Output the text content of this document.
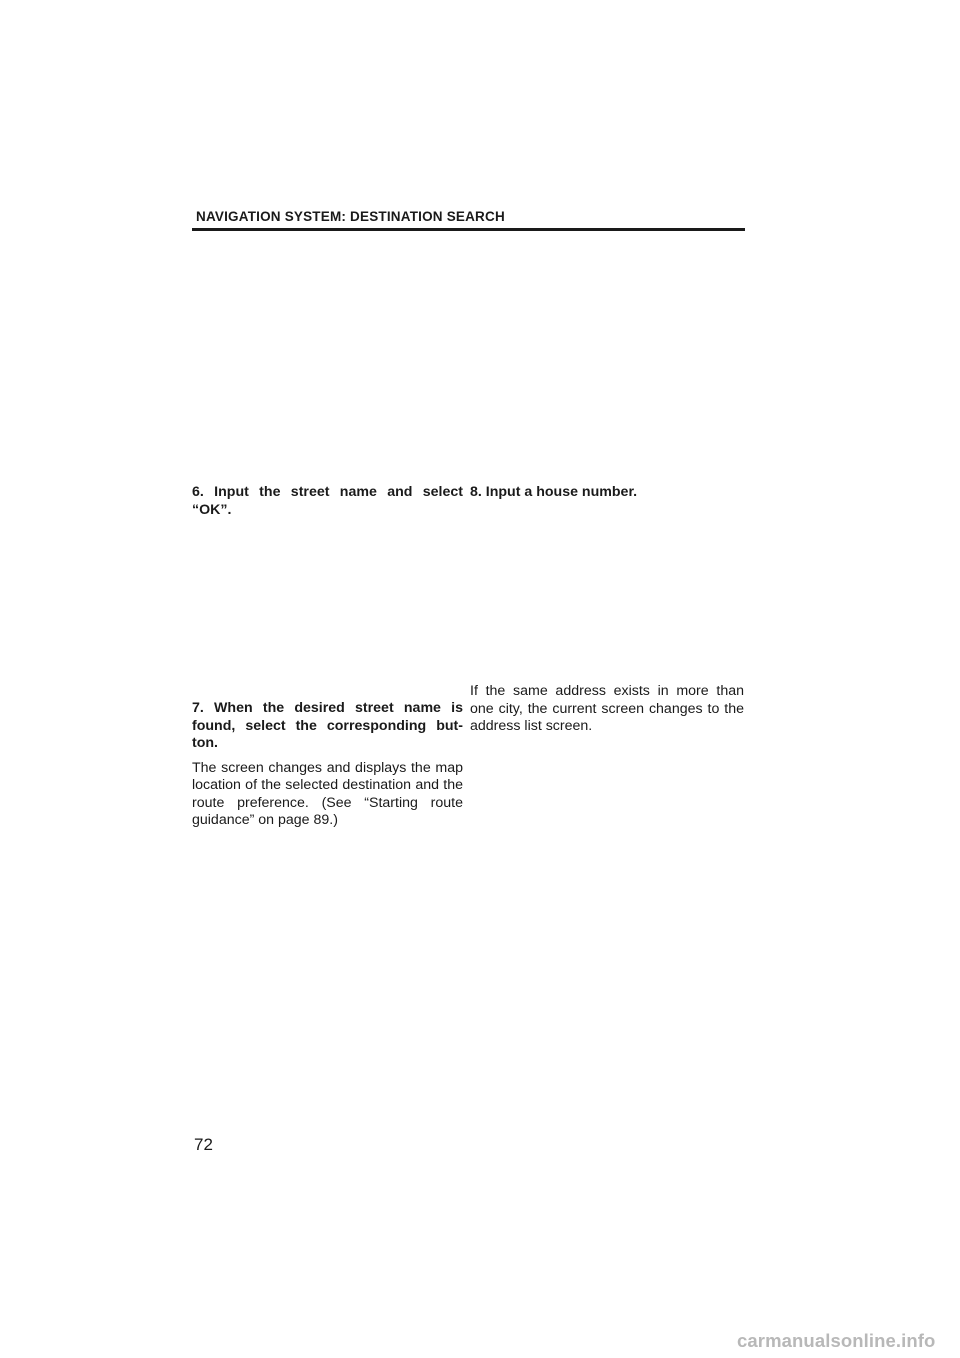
NAVIGATION SYSTEM: DESTINATION SEARCH

6. Input the street name and select “OK”.

7. When the desired street name is found, select the corresponding but-ton.

The screen changes and displays the map location of the selected destination and the route preference. (See “Starting route guidance” on page 89.)

8. Input a house number.

If the same address exists in more than one city, the current screen changes to the address list screen.

72
carmanualsonline.info
